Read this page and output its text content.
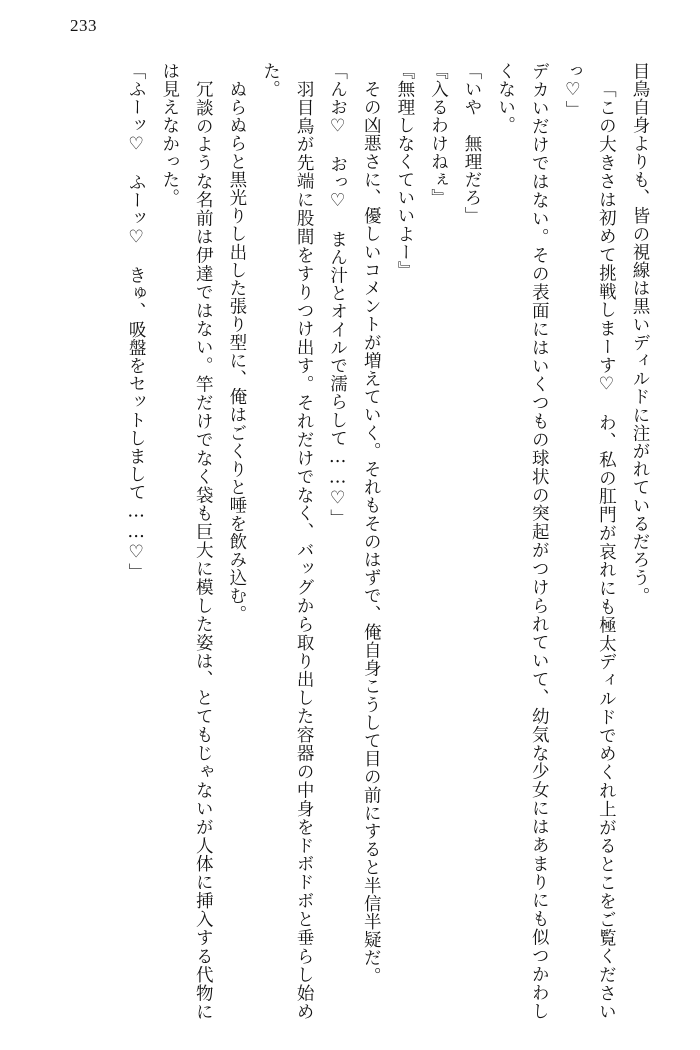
233

目鳥自身よりも、皆の視線は黒いディルドに注がれているだろう。

「この大きさは初めて挑戦しまーす♡　わ、私の肛門が哀れにも極太ディルドでめくれ上がるとこをご覧くださいっ♡」

デカいだけではない。その表面にはいくつもの球状の突起がつけられていて、幼気な少女にはあまりにも似つかわしくない。

「いや　無理だろ」

『入るわけねぇ』

『無理しなくていいよー』

その凶悪さに、優しいコメントが増えていく。それもそのはずで、俺自身こうして目の前にすると半信半疑だ。

「んお♡　おっ♡　まん汁とオイルで濡らして……♡」

羽目鳥が先端に股間をすりつけ出す。それだけでなく、バッグから取り出した容器の中身をドボドボと垂らし始めた。

ぬらぬらと黒光りし出した張り型に、俺はごくりと唾を飲み込む。

冗談のような名前は伊達ではない。竿だけでなく袋も巨大に模した姿は、とてもじゃないが人体に挿入する代物には見えなかった。

「ふーッ♡　ふーッ♡　きゅ、吸盤をセットしまして……♡」
